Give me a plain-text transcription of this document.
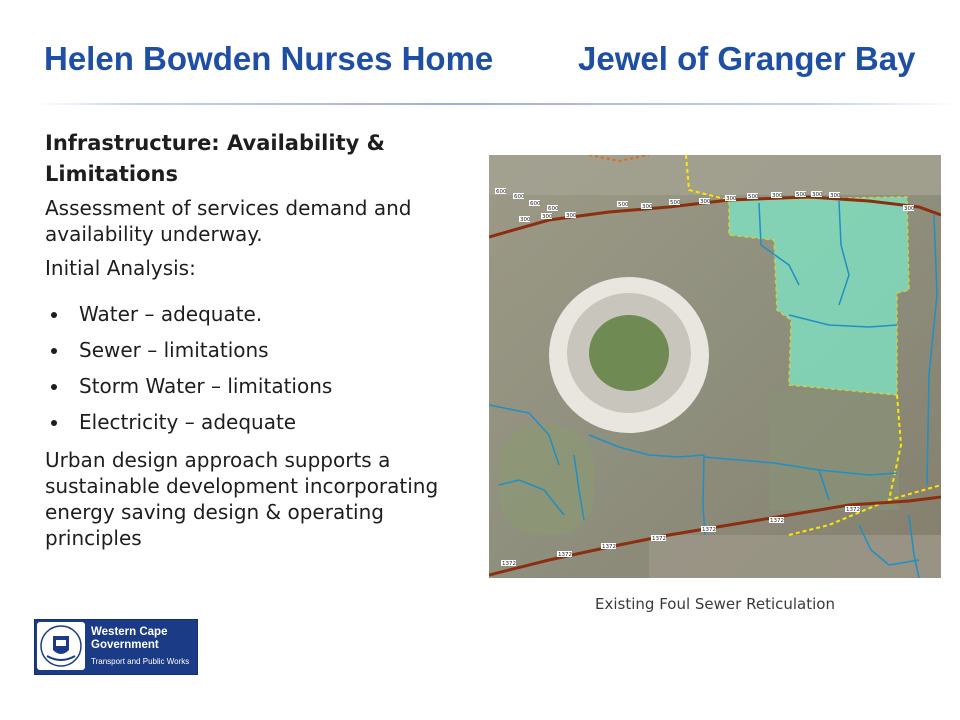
Helen Bowden Nurses Home	Jewel of Granger Bay

Infrastructure: Availability & Limitations

Assessment of services demand and availability underway.

Initial Analysis:

Water – adequate.
Sewer – limitations
Storm Water – limitations
Electricity – adequate

Urban design approach supports a sustainable development incorporating energy saving design & operating principles

600
600
600
600
500 300
500	300	300 500 300 500 300 300
300
300 300 300
1372
1372
1372
1372
1372
1372
1372
Existing Foul Sewer Reticulation
Western Cape Government
Transport and Public Works
